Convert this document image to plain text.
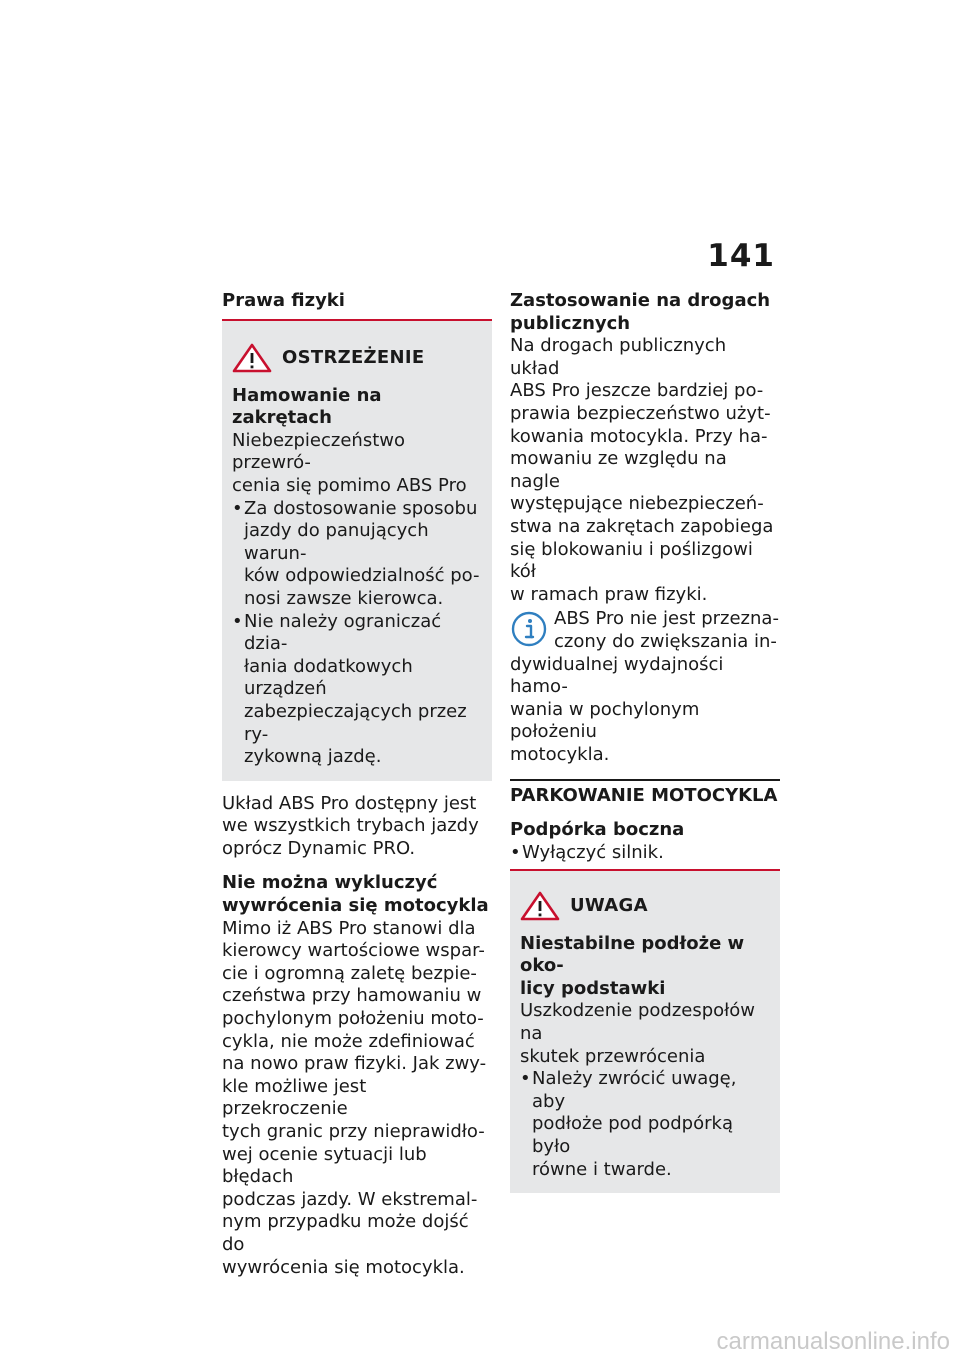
141

Prawa fizyki

OSTRZEŻENIE

Hamowanie na zakrętach

Niebezpieczeństwo przewró-

cenia się pomimo ABS Pro

• Za dostosowanie sposobu
jazdy do panujących warun-
ków odpowiedzialność po-
nosi zawsze kierowca.
• Nie należy ograniczać dzia-
łania dodatkowych urządzeń
zabezpieczających przez ry-
zykowną jazdę.

Układ ABS Pro dostępny jest

we wszystkich trybach jazdy

oprócz Dynamic PRO.

Nie można wykluczyć

wywrócenia się motocykla

Mimo iż ABS Pro stanowi dla

kierowcy wartościowe wspar-

cie i ogromną zaletę bezpie-

czeństwa przy hamowaniu w

pochylonym położeniu moto-

cykla, nie może zdefiniować

na nowo praw fizyki. Jak zwy-

kle możliwe jest przekroczenie

tych granic przy nieprawidło-

wej ocenie sytuacji lub błędach

podczas jazdy. W ekstremal-

nym przypadku może dojść do

wywrócenia się motocykla.

Zastosowanie na drogach

publicznych

Na drogach publicznych układ

ABS Pro jeszcze bardziej po-

prawia bezpieczeństwo użyt-

kowania motocykla. Przy ha-

mowaniu ze względu na nagle

występujące niebezpieczeń-

stwa na zakrętach zapobiega

się blokowaniu i poślizgowi kół

w ramach praw fizyki.

ABS Pro nie jest przezna-

czony do zwiększania in-

dywidualnej wydajności hamo-

wania w pochylonym położeniu

motocykla.

PARKOWANIE MOTOCYKLA

Podpórka boczna

• Wyłączyć silnik.
UWAGA

Niestabilne podłoże w oko-

licy podstawki

Uszkodzenie podzespołów na

skutek przewrócenia

• Należy zwrócić uwagę, aby
podłoże pod podpórką było
równe i twarde.
carmanualsonline.info
